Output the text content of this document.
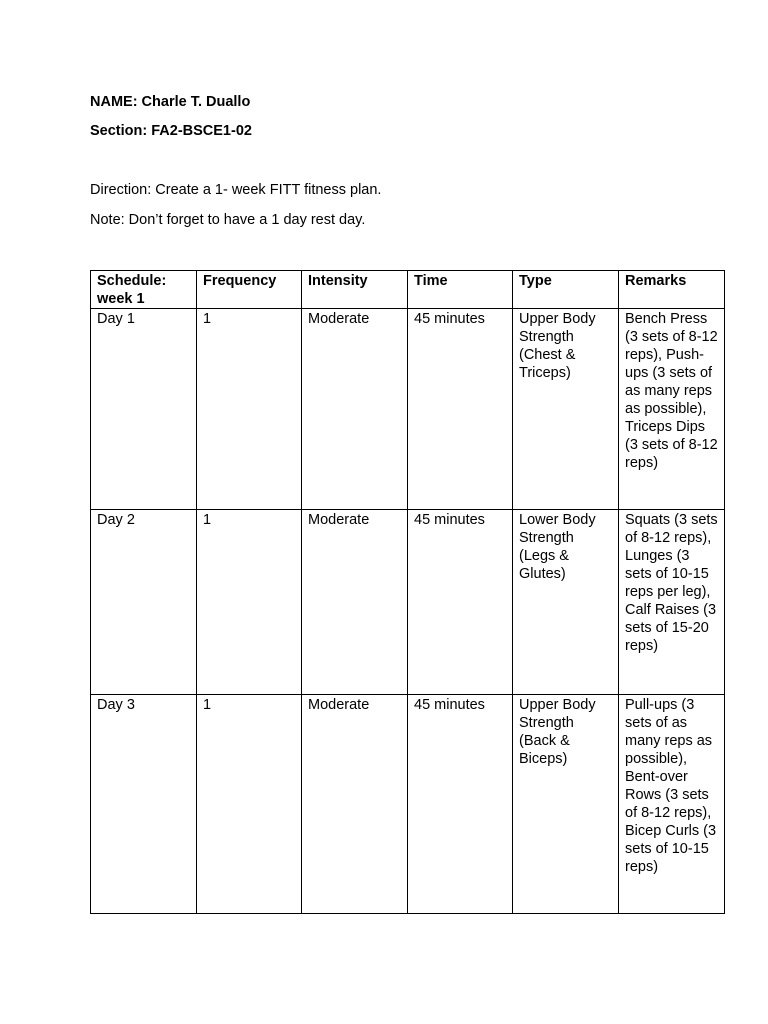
NAME: Charle T. Duallo
Section: FA2-BSCE1-02
Direction: Create a 1- week FITT fitness plan.
Note: Don’t forget to have a 1 day rest day.
Schedule: week 1	Frequency	Intensity	Time	Type	Remarks
Day 1	1	Moderate	45 minutes	Upper Body Strength (Chest & Triceps)	Bench Press (3 sets of 8-12 reps), Push-ups (3 sets of as many reps as possible), Triceps Dips (3 sets of 8-12 reps)
Day 2	1	Moderate	45 minutes	Lower Body Strength (Legs & Glutes)	Squats (3 sets of 8-12 reps), Lunges (3 sets of 10-15 reps per leg), Calf Raises (3 sets of 15-20 reps)
Day 3	1	Moderate	45 minutes	Upper Body Strength (Back & Biceps)	Pull-ups (3 sets of as many reps as possible), Bent-over Rows (3 sets of 8-12 reps), Bicep Curls (3 sets of 10-15 reps)
